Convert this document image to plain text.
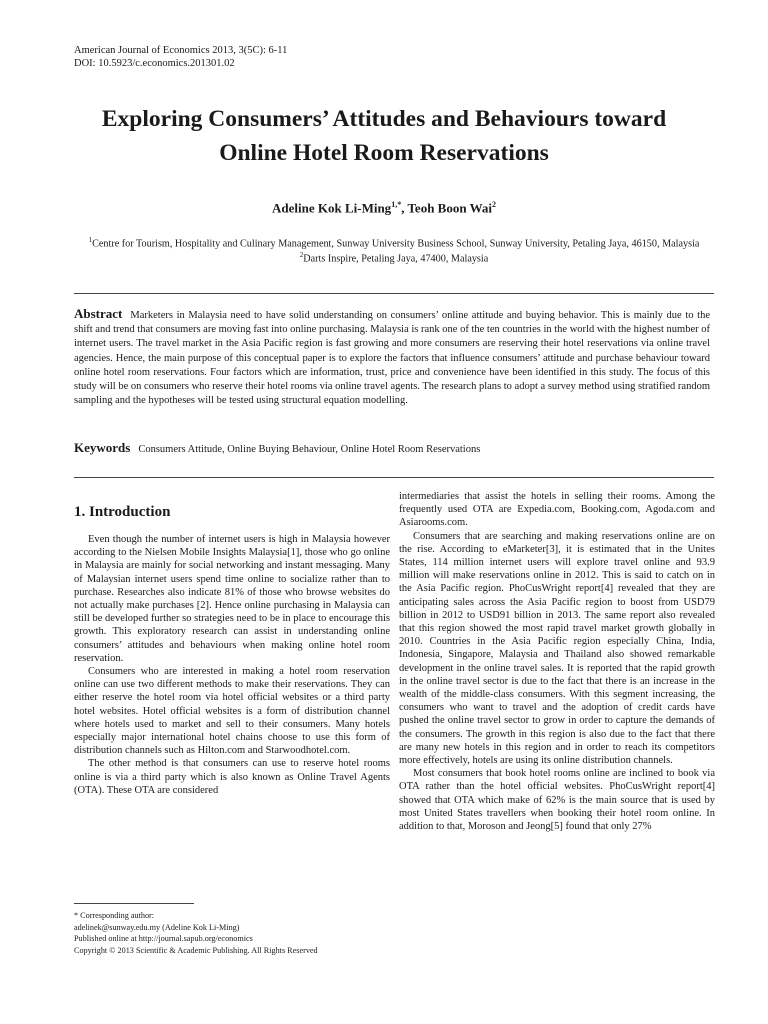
American Journal of Economics 2013, 3(5C): 6-11
DOI: 10.5923/c.economics.201301.02
Exploring Consumers’ Attitudes and Behaviours toward
Online Hotel Room Reservations
Adeline Kok Li-Ming$^{1,*}$, Teoh Boon Wai$^2$
$^1$Centre for Tourism, Hospitality and Culinary Management, Sunway University Business School, Sunway University, Petaling Jaya, 46150, Malaysia
$^2$Darts Inspire, Petaling Jaya, 47400, Malaysia
Abstract Marketers in Malaysia need to have solid understanding on consumers’ online attitude and buying behavior. This is mainly due to the shift and trend that consumers are moving fast into online purchasing. Malaysia is rank one of the ten countries in the world with the highest number of internet users. The travel market in the Asia Pacific region is fast growing and more consumers are reserving their hotel reservations via online travel agencies. Hence, the main purpose of this conceptual paper is to explore the factors that influence consumers’ attitude and purchase behaviour toward online hotel room reservations. Four factors which are information, trust, price and convenience have been identified in this study. The focus of this study will be on consumers who reserve their hotel rooms via online travel agents. The research plans to adopt a survey method using stratified random sampling and the hypotheses will be tested using structural equation modelling.
Keywords Consumers Attitude, Online Buying Behaviour, Online Hotel Room Reservations
1. Introduction

Even though the number of internet users is high in Malaysia however according to the Nielsen Mobile Insights Malaysia[1], those who go online in Malaysia are mainly for social networking and instant messaging. Many of Malaysian internet users spend time online to socialize rather than to purchase. Researches also indicate 81% of those who browse websites do not actually make purchases [2]. Hence online purchasing in Malaysia can still be developed further so strategies need to be in place to encourage this growth. This exploratory research can assist in understanding online consumers’ attitudes and behaviours when making online hotel room reservation.

Consumers who are interested in making a hotel room reservation online can use two different methods to make their reservations. They can either reserve the hotel room via hotel official websites or a third party hotel websites. Hotel official websites is a form of distribution channel where hotels used to market and sell to their consumers. Many hotels especially major international hotel chains choose to use this form of distribution channels such as Hilton.com and Starwoodhotel.com.

The other method is that consumers can use to reserve hotel rooms online is via a third party which is also known as Online Travel Agents (OTA). These OTA are considered

* Corresponding author:
adelinek@sunway.edu.my (Adeline Kok Li-Ming)
Published online at http://journal.sapub.org/economics
Copyright © 2013 Scientific & Academic Publishing. All Rights Reserved

intermediaries that assist the hotels in selling their rooms. Among the frequently used OTA are Expedia.com, Booking.com, Agoda.com and Asiarooms.com.

Consumers that are searching and making reservations online are on the rise. According to eMarketer[3], it is estimated that in the Unites States, 114 million internet users will explore travel online and 93.9 million will make reservations online in 2012. This is said to catch on in the Asia Pacific region. PhoCusWright report[4] revealed that they are anticipating sales across the Asia Pacific region to boost from USD79 billion in 2012 to USD91 billion in 2013. The same report also revealed that this region showed the most rapid travel market growth globally in 2010. Countries in the Asia Pacific region especially China, India, Indonesia, Singapore, Malaysia and Thailand also showed remarkable development in the online travel sales. It is reported that the rapid growth in the online travel sector is due to the fact that there is an increase in the wealth of the middle-class consumers. With this segment increasing, the consumers who want to travel and the adoption of credit cards have pushed the online travel sector to grow in order to capture the demands of the consumers. The growth in this region is also due to the fact that there are many new hotels in this region and in order to reach its competitors more effectively, hotels are using its online distribution channels.

Most consumers that book hotel rooms online are inclined to book via OTA rather than the hotel official websites. PhoCusWright report[4] showed that OTA which make of 62% is the main source that is used by most United States travellers when booking their hotel room online. In addition to that, Moroson and Jeong[5] found that only 27%
